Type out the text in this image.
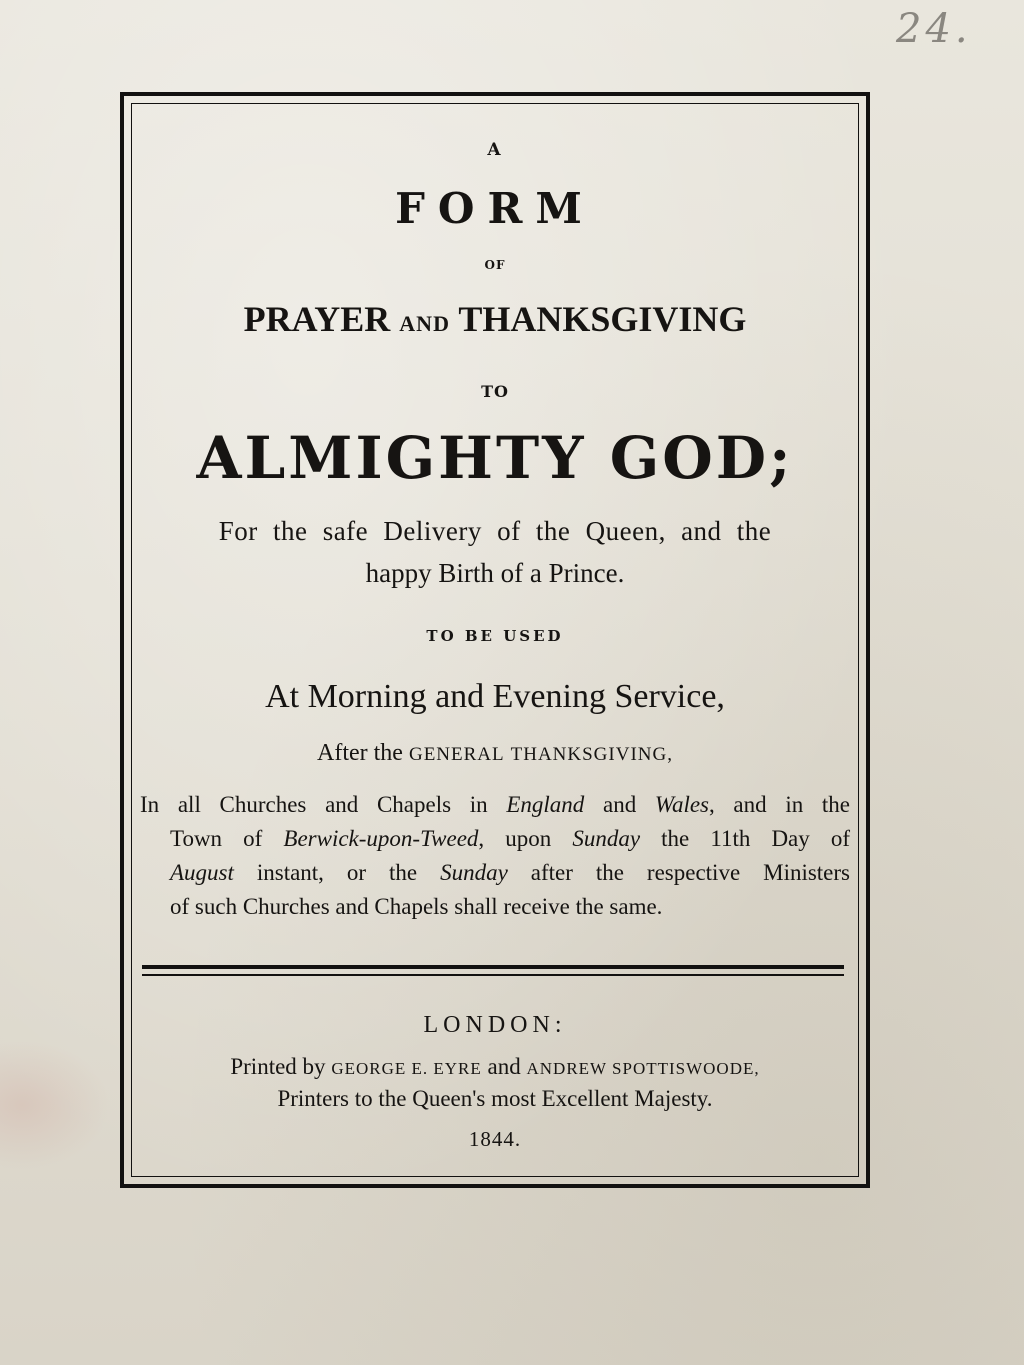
24.
A
FORM
OF
PRAYER AND THANKSGIVING
TO
ALMIGHTY GOD;
For the safe Delivery of the Queen, and the
happy Birth of a Prince.
TO BE USED
At Morning and Evening Service,
After the GENERAL THANKSGIVING,
In all Churches and Chapels in England and Wales, and in the
Town of Berwick-upon-Tweed, upon Sunday the 11th Day of
August instant, or the Sunday after the respective Ministers
of such Churches and Chapels shall receive the same.
LONDON:
Printed by GEORGE E. EYRE and ANDREW SPOTTISWOODE,
Printers to the Queen's most Excellent Majesty.
1844.
